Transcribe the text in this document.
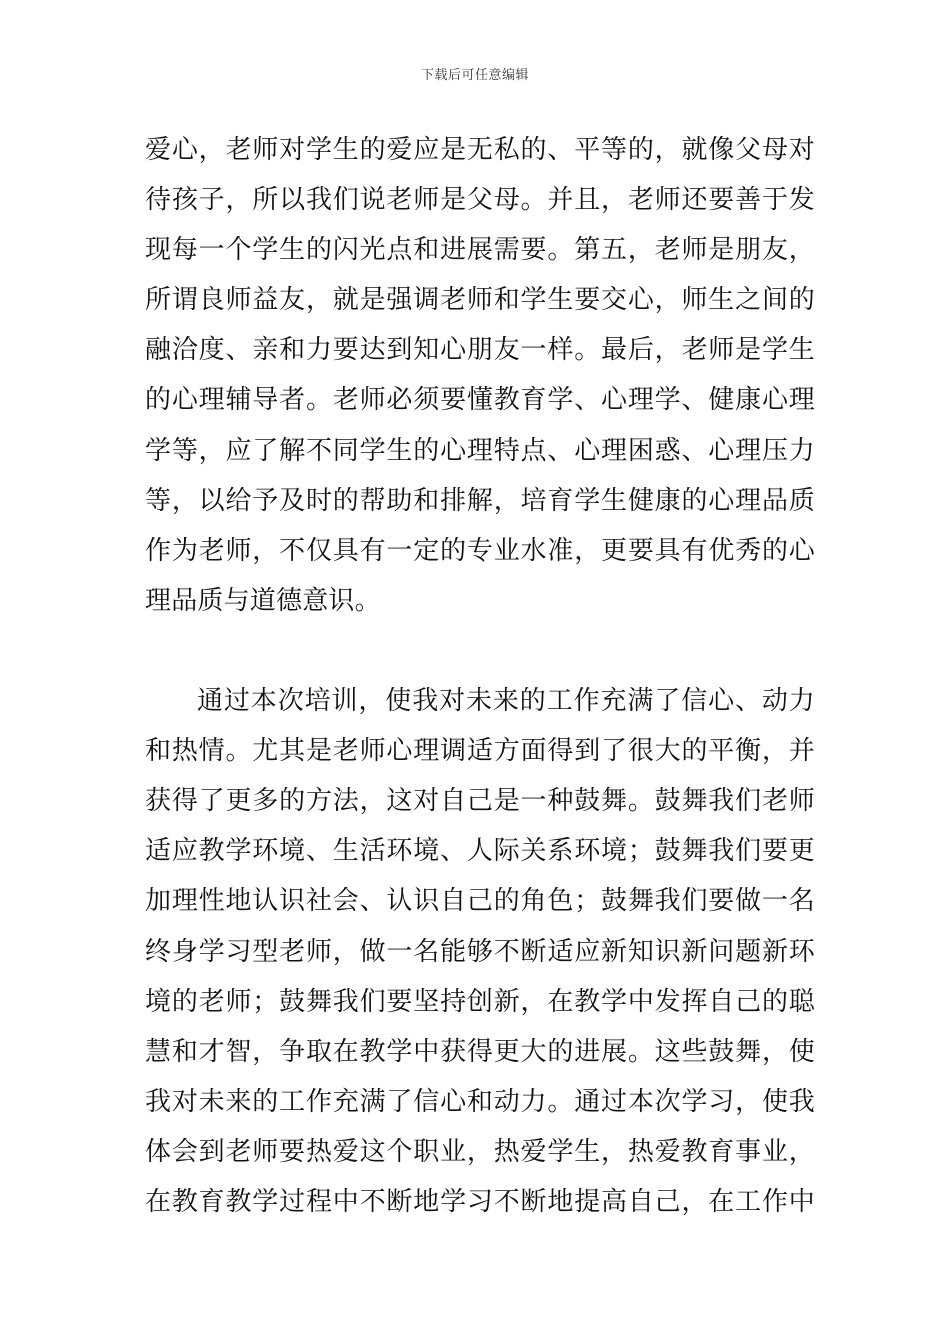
下载后可任意编辑
爱心，老师对学生的爱应是无私的、平等的，就像父母对
待孩子，所以我们说老师是父母。并且，老师还要善于发
现每一个学生的闪光点和进展需要。第五，老师是朋友，
所谓良师益友，就是强调老师和学生要交心，师生之间的
融洽度、亲和力要达到知心朋友一样。最后，老师是学生
的心理辅导者。老师必须要懂教育学、心理学、健康心理
学等，应了解不同学生的心理特点、心理困惑、心理压力
等，以给予及时的帮助和排解，培育学生健康的心理品质
作为老师，不仅具有一定的专业水准，更要具有优秀的心
理品质与道德意识。
通过本次培训，使我对未来的工作充满了信心、动力
和热情。尤其是老师心理调适方面得到了很大的平衡，并
获得了更多的方法，这对自己是一种鼓舞。鼓舞我们老师
适应教学环境、生活环境、人际关系环境；鼓舞我们要更
加理性地认识社会、认识自己的角色；鼓舞我们要做一名
终身学习型老师，做一名能够不断适应新知识新问题新环
境的老师；鼓舞我们要坚持创新，在教学中发挥自己的聪
慧和才智，争取在教学中获得更大的进展。这些鼓舞，使
我对未来的工作充满了信心和动力。通过本次学习，使我
体会到老师要热爱这个职业，热爱学生，热爱教育事业，
在教育教学过程中不断地学习不断地提高自己，在工作中
